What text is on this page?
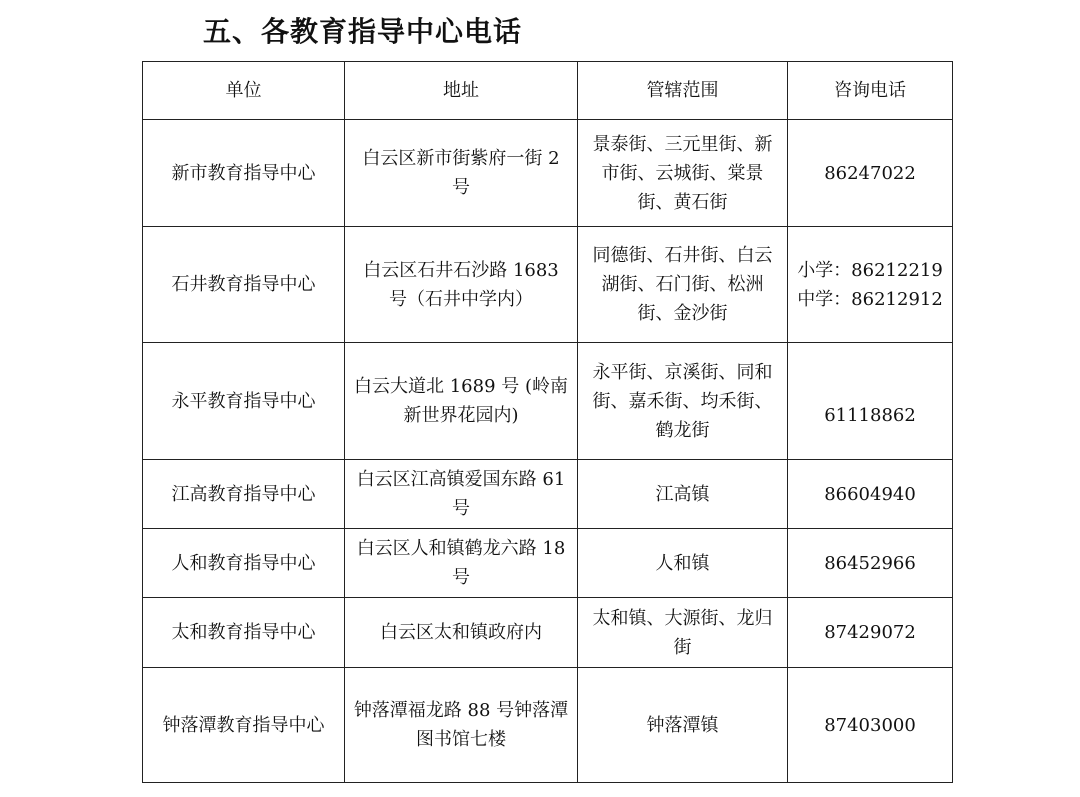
五、各教育指导中心电话
单位	地址	管辖范围	咨询电话
新市教育指导中心	白云区新市街紫府一街 2 号	景泰街、三元里街、新市街、云城街、棠景街、黄石街	86247022

石井教育指导中心	白云区石井石沙路 1683 号（石井中学内）	同德街、石井街、白云湖街、石门街、松洲街、金沙街	小学：86212219
中学：86212912

永平教育指导中心	白云大道北 1689 号 (岭南新世界花园内)	永平街、京溪街、同和街、嘉禾街、均禾街、鹤龙街	61118862

江高教育指导中心	白云区江高镇爱国东路 61 号	江高镇	86604940

人和教育指导中心	白云区人和镇鹤龙六路 18 号	人和镇	86452966

太和教育指导中心	白云区太和镇政府内	太和镇、大源街、龙归街	87429072

钟落潭教育指导中心	钟落潭福龙路 88 号钟落潭图书馆七楼	钟落潭镇	87403000
